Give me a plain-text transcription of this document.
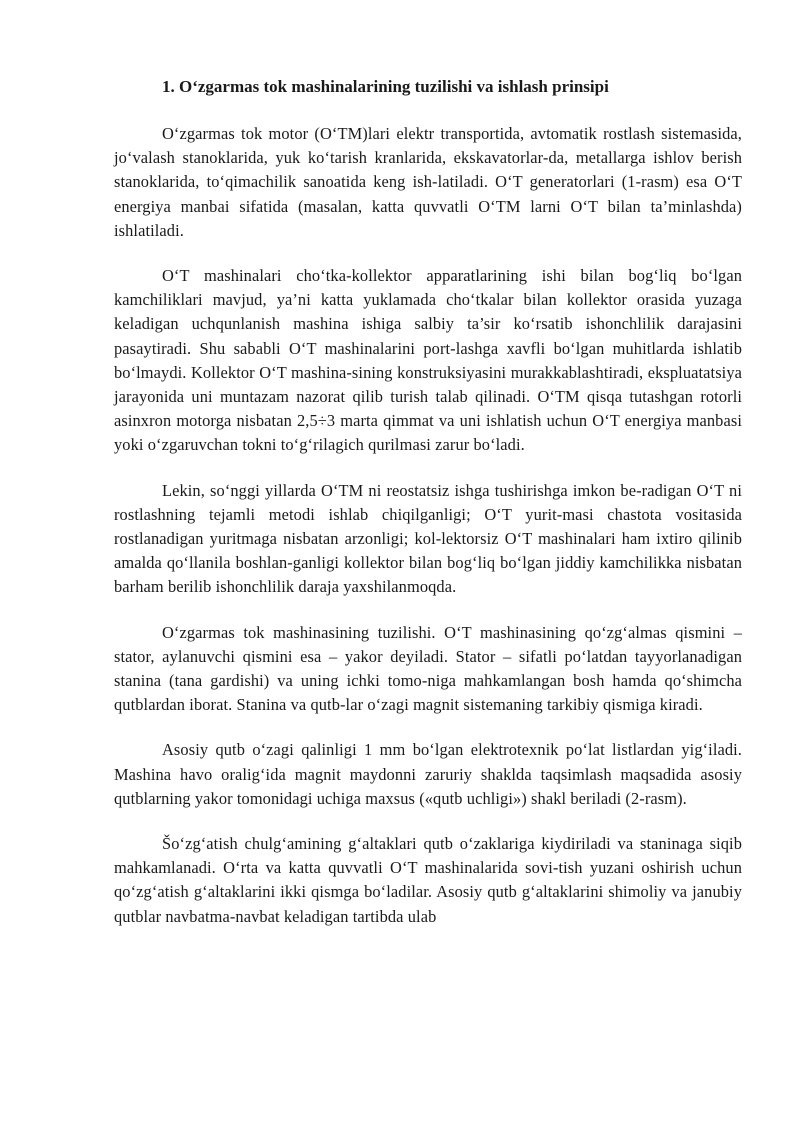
1. O‘zgarmas tok mashinalarining tuzilishi va ishlash prinsipi

O‘zgarmas tok motor (O‘TM)lari elektr transportida, avtomatik rostlash sistemasida, jo‘valash stanoklarida, yuk ko‘tarish kranlarida, ekskavatorlar-da, metallarga ishlov berish stanoklarida, to‘qimachilik sanoatida keng ish-latiladi. O‘T generatorlari (1-rasm) esa O‘T energiya manbai sifatida (masalan, katta quvvatli O‘TM larni O‘T bilan ta’minlashda) ishlatiladi.

O‘T mashinalari cho‘tka-kollektor apparatlarining ishi bilan bog‘liq bo‘lgan kamchiliklari mavjud, ya’ni katta yuklamada cho‘tkalar bilan kollektor orasida yuzaga keladigan uchqunlanish mashina ishiga salbiy ta’sir ko‘rsatib ishonchlilik darajasini pasaytiradi. Shu sababli O‘T mashinalarini port-lashga xavfli bo‘lgan muhitlarda ishlatib bo‘lmaydi. Kollektor O‘T mashina-sining konstruksiyasini murakkablashtiradi, ekspluatatsiya jarayonida uni muntazam nazorat qilib turish talab qilinadi. O‘TM qisqa tutashgan rotorli asinxron motorga nisbatan 2,5÷3 marta qimmat va uni ishlatish uchun O‘T energiya manbasi yoki o‘zgaruvchan tokni to‘g‘rilagich qurilmasi zarur bo‘ladi.

Lekin, so‘nggi yillarda O‘TM ni reostatsiz ishga tushirishga imkon be-radigan O‘T ni rostlashning tejamli metodi ishlab chiqilganligi; O‘T yurit-masi chastota vositasida rostlanadigan yuritmaga nisbatan arzonligi; kol-lektorsiz O‘T mashinalari ham ixtiro qilinib amalda qo‘llanila boshlan-ganligi kollektor bilan bog‘liq bo‘lgan jiddiy kamchilikka nisbatan barham berilib ishonchlilik daraja yaxshilanmoqda.

O‘zgarmas tok mashinasining tuzilishi. O‘T mashinasining qo‘zg‘almas qismini – stator, aylanuvchi qismini esa – yakor deyiladi. Stator – sifatli po‘latdan tayyorlanadigan stanina (tana gardishi) va uning ichki tomo-niga mahkamlangan bosh hamda qo‘shimcha qutblardan iborat. Stanina va qutb-lar o‘zagi magnit sistemaning tarkibiy qismiga kiradi.

Asosiy qutb o‘zagi qalinligi 1 mm bo‘lgan elektrotexnik po‘lat listlardan yig‘iladi. Mashina havo oralig‘ida magnit maydonni zaruriy shaklda taqsimlash maqsadida asosiy qutblarning yakor tomonidagi uchiga maxsus («qutb uchligi») shakl beriladi (2-rasm).

Šo‘zg‘atish chulg‘amining g‘altaklari qutb o‘zaklariga kiydiriladi va staninaga siqib mahkamlanadi. O‘rta va katta quvvatli O‘T mashinalarida sovi-tish yuzani oshirish uchun qo‘zg‘atish g‘altaklarini ikki qismga bo‘ladilar. Asosiy qutb g‘altaklarini shimoliy va janubiy qutblar navbatma-navbat keladigan tartibda ulab
